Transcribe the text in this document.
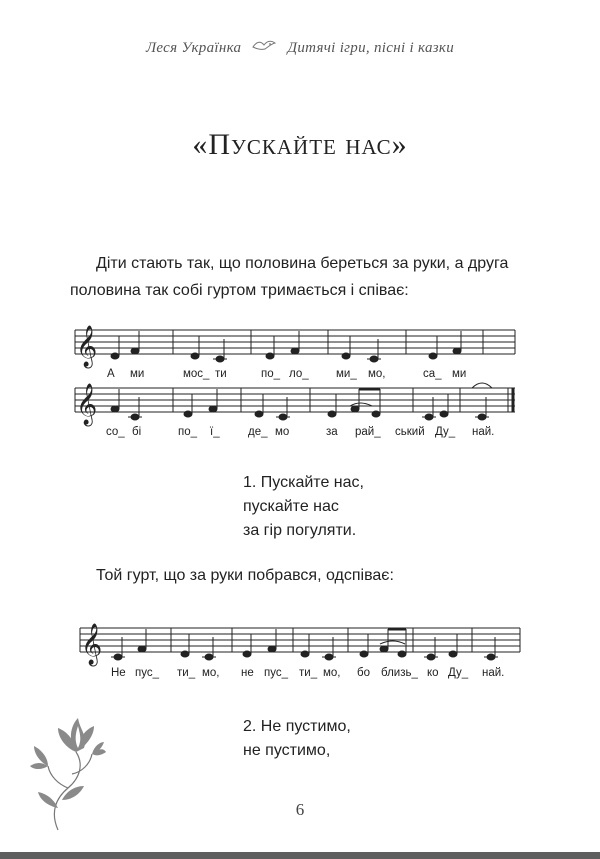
Леся Українка	Дитячі ігри, пісні і казки
«Пускайте нас»
Діти стають так, що половина береться за руки, а друга половина так собі гуртом тримається і співає:
𝄞
А ми	мос_ ти	по_ ло_ ми_ мо,	са_ ми
𝄞
со_ бі	по_ ї_ де_ мо	за рай_ ський Ду_ най.
1. Пускайте нас,
пускайте нас
за гір погуляти.
Той гурт, що за руки побрався, одспіває:
𝄞
Не пус_ ти_ мо, не пус_ ти_ мо, бо близь_ ко Ду_ най.
2. Не пустимо,
не пустимо,
6
